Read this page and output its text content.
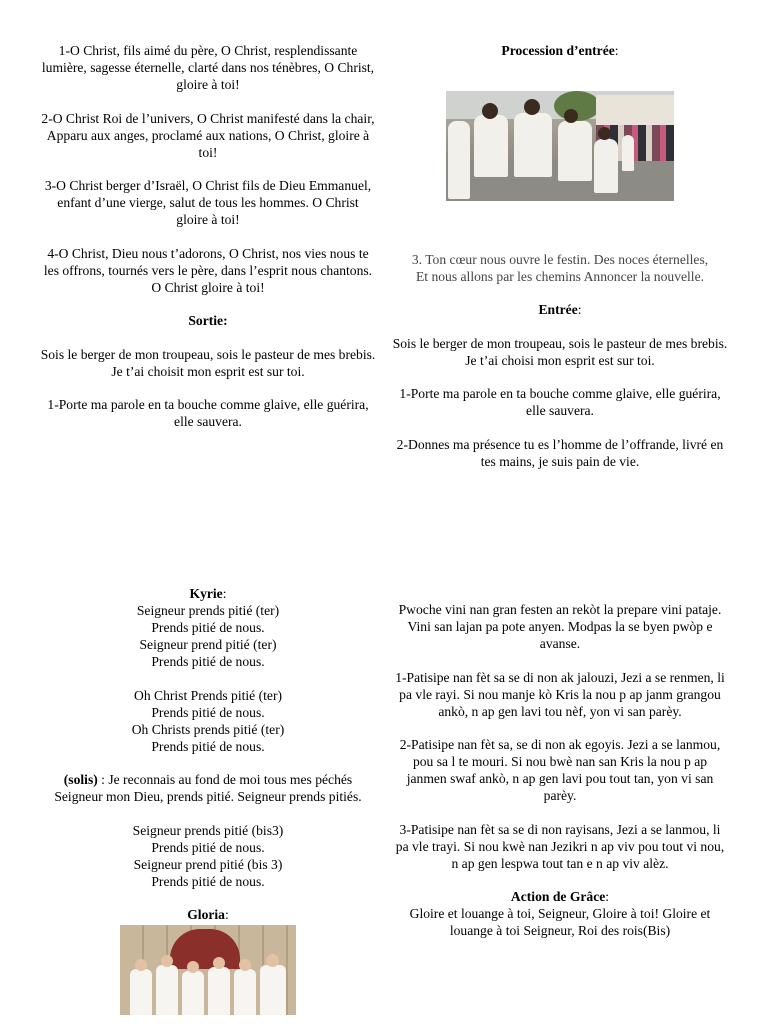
1-O Christ, fils aimé du père, O Christ, resplendissante lumière, sagesse éternelle, clarté dans nos ténèbres, O Christ, gloire à toi!

2-O Christ Roi de l’univers, O Christ manifesté dans la chair, Apparu aux anges, proclamé aux nations, O Christ, gloire à toi!

3-O Christ berger d’Israël, O Christ fils de Dieu Emmanuel, enfant d’une vierge, salut de tous les hommes. O Christ gloire à toi!

4-O Christ, Dieu nous t’adorons, O Christ, nos vies nous te les offrons, tournés vers le père, dans l’esprit nous chantons. O Christ gloire à toi!

Sortie:

Sois le berger de mon troupeau, sois le pasteur de mes brebis. Je t’ai choisit mon esprit est sur toi.

1-Porte ma parole en ta bouche comme glaive, elle guérira, elle sauvera.

Procession d’entrée:

3. Ton cœur nous ouvre le festin. Des noces éternelles,
Et nous allons par les chemins Annoncer la nouvelle.

Entrée:

Sois le berger de mon troupeau, sois le pasteur de mes brebis. Je t’ai choisi mon esprit est sur toi.

1-Porte ma parole en ta bouche comme glaive, elle guérira, elle sauvera.

2-Donnes ma présence tu es l’homme de l’offrande, livré en tes mains, je suis pain de vie.

Kyrie:
Seigneur prends pitié (ter)
Prends pitié de nous.
Seigneur prend pitié (ter)

Prends pitié de nous.

Oh Christ Prends pitié (ter)
Prends pitié de nous.
Oh Christs prends pitié (ter)

Prends pitié de nous.

(solis) : Je reconnais au fond de moi tous mes péchés Seigneur mon Dieu, prends pitié. Seigneur prends pitiés.

Seigneur prends pitié (bis3)
Prends pitié de nous.
Seigneur prend pitié (bis 3)

Prends pitié de nous.

Gloria:

Pwoche vini nan gran festen an rekòt la prepare vini pataje. Vini san lajan pa pote anyen. Modpas la se byen pwòp e avanse.

1-Patisipe nan fèt sa se di non ak jalouzi, Jezi a se renmen, li pa vle rayi. Si nou manje kò Kris la nou p ap janm grangou ankò, n ap gen lavi tou nèf, yon vi san parèy.

2-Patisipe nan fèt sa, se di non ak egoyis. Jezi a se lanmou, pou sa l te mouri. Si nou bwè nan san Kris la nou p ap janmen swaf ankò, n ap gen lavi pou tout tan, yon vi san parèy.

3-Patisipe nan fèt sa se di non rayisans, Jezi a se lanmou, li pa vle trayi. Si nou kwè nan Jezikri n ap viv pou tout vi nou, n ap gen lespwa tout tan e n ap viv alèz.

Action de Grâce:
Gloire et louange à toi, Seigneur, Gloire à toi! Gloire et louange à toi Seigneur, Roi des rois(Bis)
